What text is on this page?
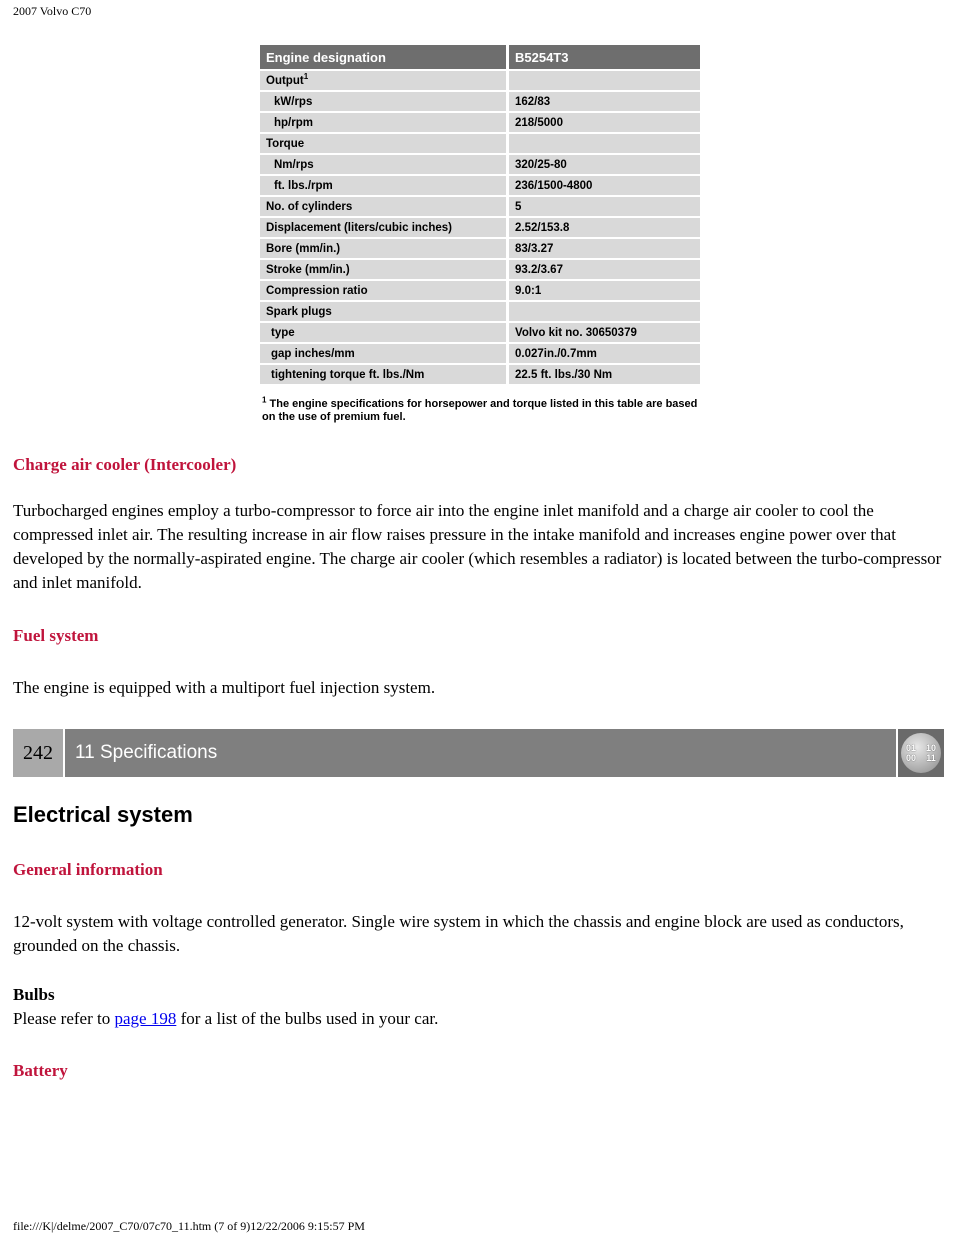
2007 Volvo C70
Engine designation	B5254T3
Output$^1$	
kW/rps	162/83
hp/rpm	218/5000
Torque	
Nm/rps	320/25-80
ft. lbs./rpm	236/1500-4800
No. of cylinders	5
Displacement (liters/cubic inches)	2.52/153.8
Bore (mm/in.)	83/3.27
Stroke (mm/in.)	93.2/3.67
Compression ratio	9.0:1
Spark plugs	
type	Volvo kit no. 30650379
gap inches/mm	0.027in./0.7mm
tightening torque ft. lbs./Nm	22.5 ft. lbs./30 Nm
$^1$ The engine specifications for horsepower and torque listed in this table are based on the use of premium fuel.
Charge air cooler (Intercooler)
Turbocharged engines employ a turbo-compressor to force air into the engine inlet manifold and a charge air cooler to cool the compressed inlet air. The resulting increase in air flow raises pressure in the intake manifold and increases engine power over that developed by the normally-aspirated engine. The charge air cooler (which resembles a radiator) is located between the turbo-compressor and inlet manifold.
Fuel system
The engine is equipped with a multiport fuel injection system.
242	11 Specifications	01 10
00 11
Electrical system
General information
12-volt system with voltage controlled generator. Single wire system in which the chassis and engine block are used as conductors, grounded on the chassis.
Bulbs
Please refer to page 198 for a list of the bulbs used in your car.
Battery
file:///K|/delme/2007_C70/07c70_11.htm (7 of 9)12/22/2006 9:15:57 PM
